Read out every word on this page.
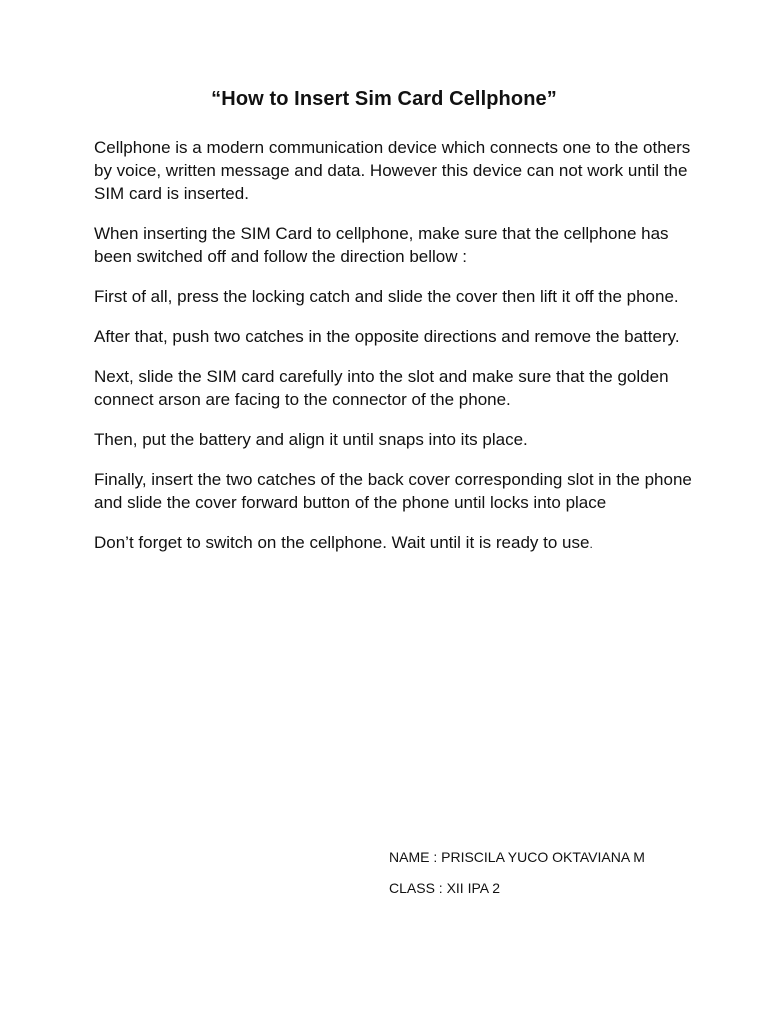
“How to Insert Sim Card Cellphone”

Cellphone is a modern communication device which connects one to the others by voice, written message and data. However this device can not work until the SIM card is inserted.

When inserting the SIM Card to cellphone, make sure that the cellphone has been switched off and follow the direction bellow :

First of all, press the locking catch and slide the cover then lift it off the phone.

After that, push two catches in the opposite directions and remove the battery.

Next, slide the SIM card carefully into the slot and make sure that the golden connect arson are facing to the connector of the phone.

Then, put the battery and align it until snaps into its place.

Finally, insert the two catches of the back cover corresponding slot in the phone and slide the cover forward button of the phone until locks into place

Don’t forget to switch on the cellphone. Wait until it is ready to use.

NAME : PRISCILA YUCO OKTAVIANA M

CLASS : XII IPA 2
